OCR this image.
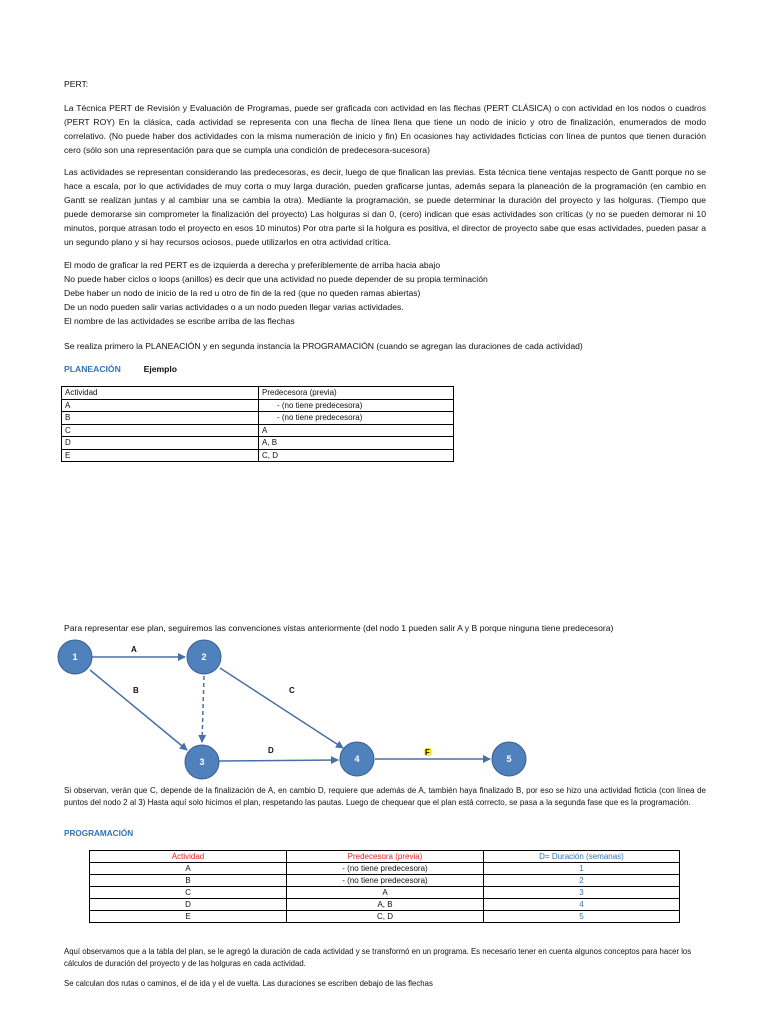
PERT:

La Técnica PERT de Revisión y Evaluación de Programas, puede ser graficada con actividad en las flechas (PERT CLÁSICA) o con actividad en los nodos o cuadros (PERT ROY) En la clásica, cada actividad se representa con una flecha de línea llena que tiene un nodo de inicio y otro de finalización, enumerados de modo correlativo. (No puede haber dos actividades con la misma numeración de inicio y fin) En ocasiones hay actividades ficticias con línea de puntos que tienen duración cero (sólo son una representación para que se cumpla una condición de predecesora-sucesora)

Las actividades se representan considerando las predecesoras, es decir, luego de que finalican las previas. Esta técnica tiene ventajas respecto de Gantt porque no se hace a escala, por lo que actividades de muy corta o muy larga duración, pueden graficarse juntas, además separa la planeación de la programación (en cambio en Gantt se realizan juntas y al cambiar una se cambia la otra). Mediante la programación, se puede determinar la duración del proyecto y las holguras. (Tiempo que puede demorarse sin comprometer la finalización del proyecto) Las holguras si dan 0, (cero) indican que esas actividades son críticas (y no se pueden demorar ni 10 minutos, porque atrasan todo el proyecto en esos 10 minutos) Por otra parte si la holgura es positiva, el director de proyecto sabe que esas actividades, pueden pasar a un segundo plano y si hay recursos ociosos, puede utilizarlos en otra actividad crítica.

El modo de graficar la red PERT es de izquierda a derecha y preferiblemente de arriba hacia abajo
No puede haber ciclos o loops (anillos) es decir que una actividad no puede depender de su propia terminación
Debe haber un nodo de inicio de la red u otro de fin de la red (que no queden ramas abiertas)
De un nodo pueden salir varias actividades o a un nodo pueden llegar varias actividades.
El nombre de las actividades se escribe arriba de las flechas

Se realiza primero la PLANEACIÓN y en segunda instancia la PROGRAMACIÓN (cuando se agregan las duraciones de cada actividad)

PLANEACIÓN	Ejemplo
Actividad	Predecesora (previa)
A	- (no tiene predecesora)
B	- (no tiene predecesora)
C	A
D	A, B
E	C, D

Para representar ese plan, seguiremos las convenciones vistas anteriormente (del nodo 1 pueden salir A y B porque ninguna tiene predecesora)

A
B	C
D	F
1	2
3	4	5

Si observan, verán que C, depende de la finalización de A, en cambio D, requiere que además de A, también haya finalizado B, por eso se hizo una actividad ficticia (con línea de puntos del nodo 2 al 3) Hasta aquí solo hicimos el plan, respetando las pautas. Luego de chequear que el plan está correcto, se pasa a la segunda fase que es la programación.

PROGRAMACIÓN

Actividad	Predecesora (previa)	D= Duración (semanas)
A	- (no tiene predecesora)	1
B	- (no tiene predecesora)	2
C	A	3
D	A, B	4
E	C, D	5

Aquí observamos que a la tabla del plan, se le agregó la duración de cada actividad y se transformó en un programa. Es necesario tener en cuenta algunos conceptos para hacer los cálculos de duración del proyecto y de las holguras en cada actividad.

Se calculan dos rutas o caminos, el de ida y el de vuelta. Las duraciones se escriben debajo de las flechas
